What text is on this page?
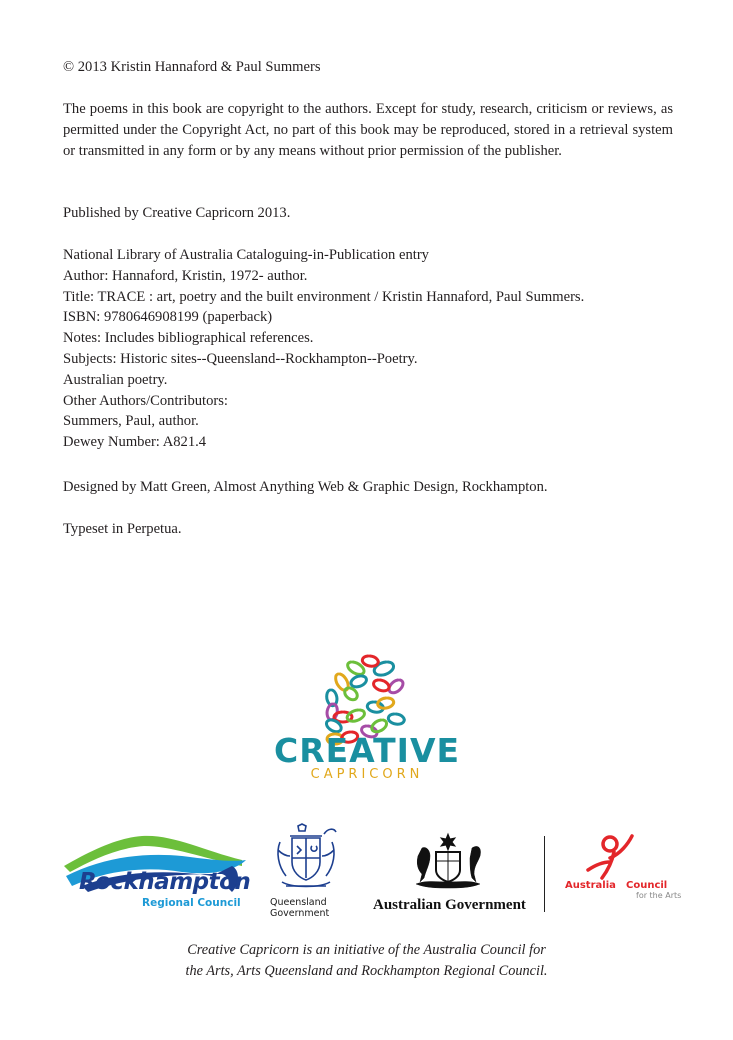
© 2013 Kristin Hannaford & Paul Summers
The poems in this book are copyright to the authors. Except for study, research, criticism or reviews, as permitted under the Copyright Act, no part of this book may be reproduced, stored in a retrieval system or transmitted in any form or by any means without prior permission of the publisher.
Published by Creative Capricorn 2013.
National Library of Australia Cataloguing-in-Publication entry
Author: Hannaford, Kristin, 1972- author.
Title: TRACE : art, poetry and the built environment / Kristin Hannaford, Paul Summers.
ISBN: 9780646908199 (paperback)
Notes: Includes bibliographical references.
Subjects: Historic sites--Queensland--Rockhampton--Poetry.
Australian poetry.
Other Authors/Contributors:
Summers, Paul, author.
Dewey Number: A821.4
Designed by Matt Green, Almost Anything Web & Graphic Design, Rockhampton.
Typeset in Perpetua.
CREATIVE
CAPRICORN
Rockhampton
Regional Council	Queensland
Government
Australian Government
Australia Council
for the Arts
Creative Capricorn is an initiative of the Australia Council for
the Arts, Arts Queensland and Rockhampton Regional Council.
